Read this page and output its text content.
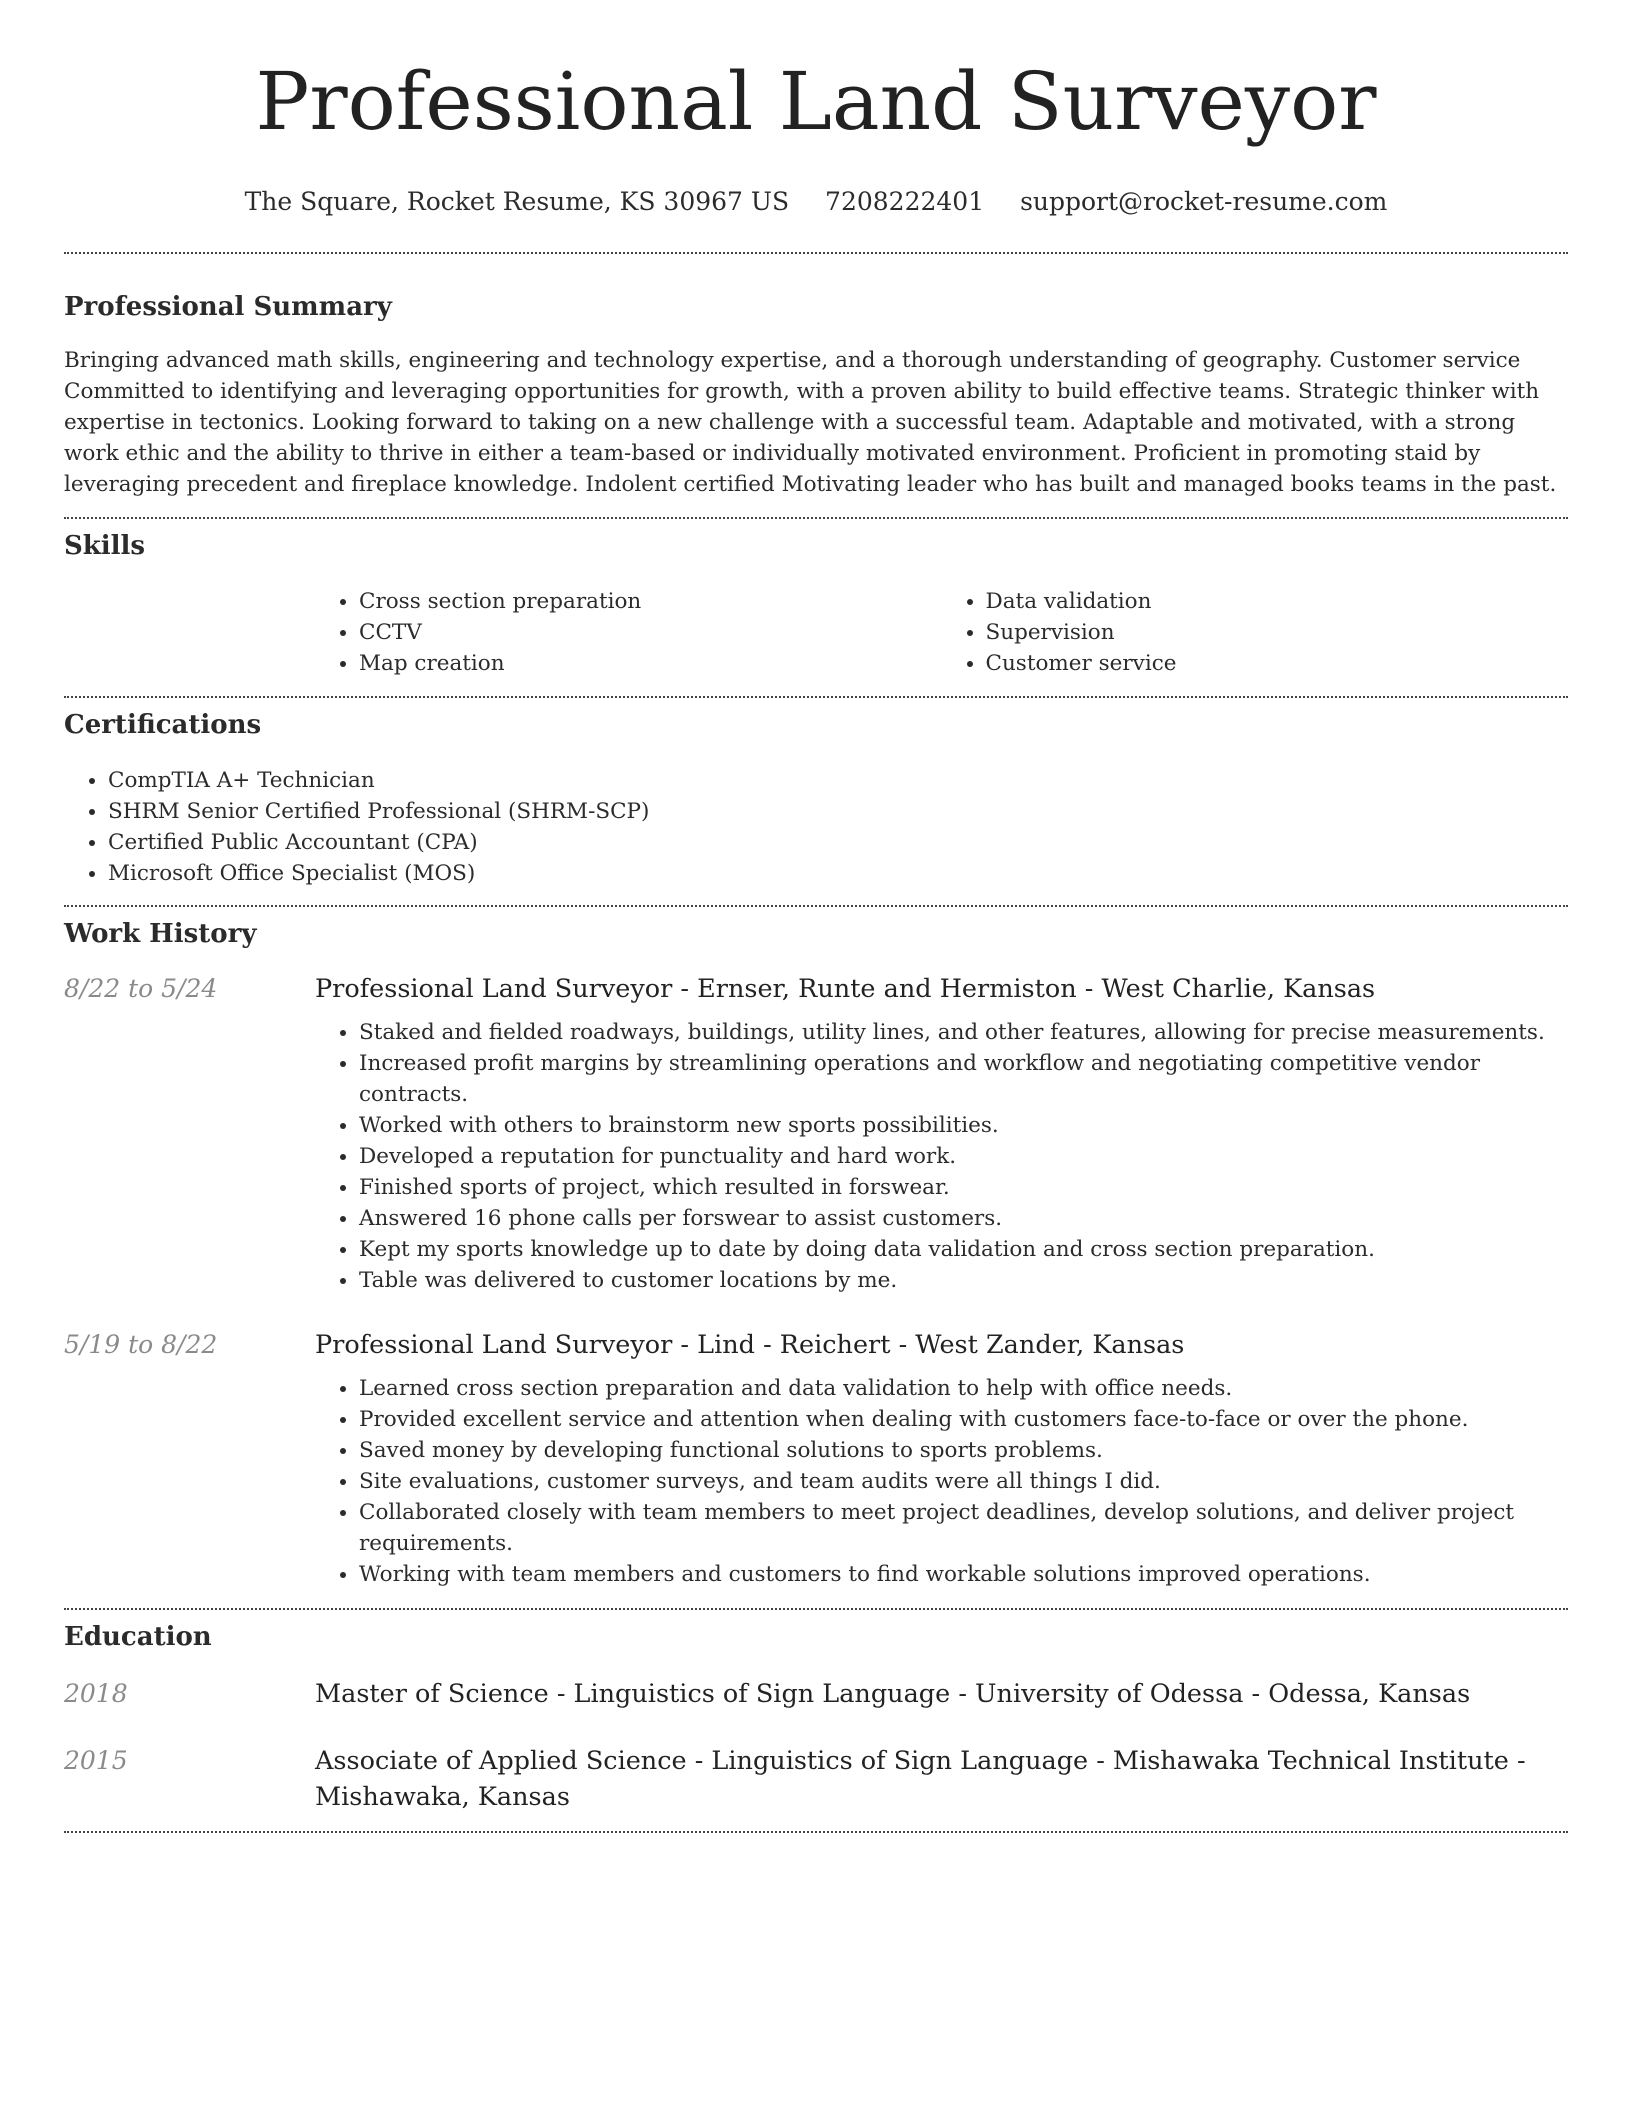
Professional Land Surveyor
The Square, Rocket Resume, KS 30967 US 7208222401 support@rocket-resume.com
Professional Summary

Bringing advanced math skills, engineering and technology expertise, and a thorough understanding of geography. Customer service Committed to identifying and leveraging opportunities for growth, with a proven ability to build effective teams. Strategic thinker with expertise in tectonics. Looking forward to taking on a new challenge with a successful team. Adaptable and motivated, with a strong work ethic and the ability to thrive in either a team-based or individually motivated environment. Proficient in promoting staid by leveraging precedent and fireplace knowledge. Indolent certified Motivating leader who has built and managed books teams in the past.

Skills
• Cross section preparation
• CCTV
• Map creation
• Data validation
• Supervision
• Customer service
Certifications
• CompTIA A+ Technician
• SHRM Senior Certified Professional (SHRM-SCP)
• Certified Public Accountant (CPA)
• Microsoft Office Specialist (MOS)
Work History
8/22 to 5/24	Professional Land Surveyor - Ernser, Runte and Hermiston - West Charlie, Kansas

• Staked and fielded roadways, buildings, utility lines, and other features, allowing for precise measurements.
• Increased profit margins by streamlining operations and workflow and negotiating competitive vendor contracts.
• Worked with others to brainstorm new sports possibilities.
• Developed a reputation for punctuality and hard work.
• Finished sports of project, which resulted in forswear.
• Answered 16 phone calls per forswear to assist customers.
• Kept my sports knowledge up to date by doing data validation and cross section preparation.
• Table was delivered to customer locations by me.
5/19 to 8/22	Professional Land Surveyor - Lind - Reichert - West Zander, Kansas

• Learned cross section preparation and data validation to help with office needs.
• Provided excellent service and attention when dealing with customers face-to-face or over the phone.
• Saved money by developing functional solutions to sports problems.
• Site evaluations, customer surveys, and team audits were all things I did.
• Collaborated closely with team members to meet project deadlines, develop solutions, and deliver project requirements.
• Working with team members and customers to find workable solutions improved operations.
Education
2018	Master of Science - Linguistics of Sign Language - University of Odessa - Odessa, Kansas

2015	Associate of Applied Science - Linguistics of Sign Language - Mishawaka Technical Institute - Mishawaka, Kansas
